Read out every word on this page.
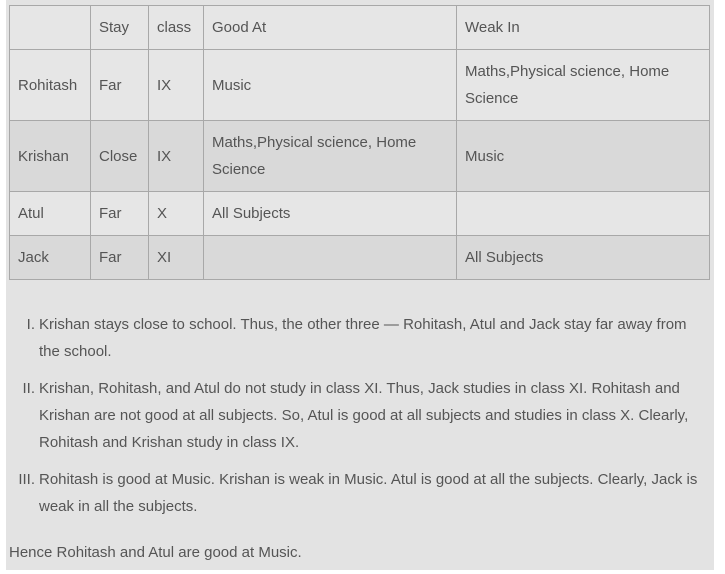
	Stay	class	Good At	Weak In
Rohitash	Far	IX	Music	Maths,Physical science, Home Science
Krishan	Close	IX	Maths,Physical science, Home Science	Music
Atul	Far	X	All Subjects	
Jack	Far	XI		All Subjects
I. Krishan stays close to school. Thus, the other three — Rohitash, Atul and Jack stay far away from the school.
II. Krishan, Rohitash, and Atul do not study in class XI. Thus, Jack studies in class XI. Rohitash and Krishan are not good at all subjects. So, Atul is good at all subjects and studies in class X. Clearly, Rohitash and Krishan study in class IX.
III. Rohitash is good at Music. Krishan is weak in Music. Atul is good at all the subjects. Clearly, Jack is weak in all the subjects.
Hence Rohitash and Atul are good at Music.
